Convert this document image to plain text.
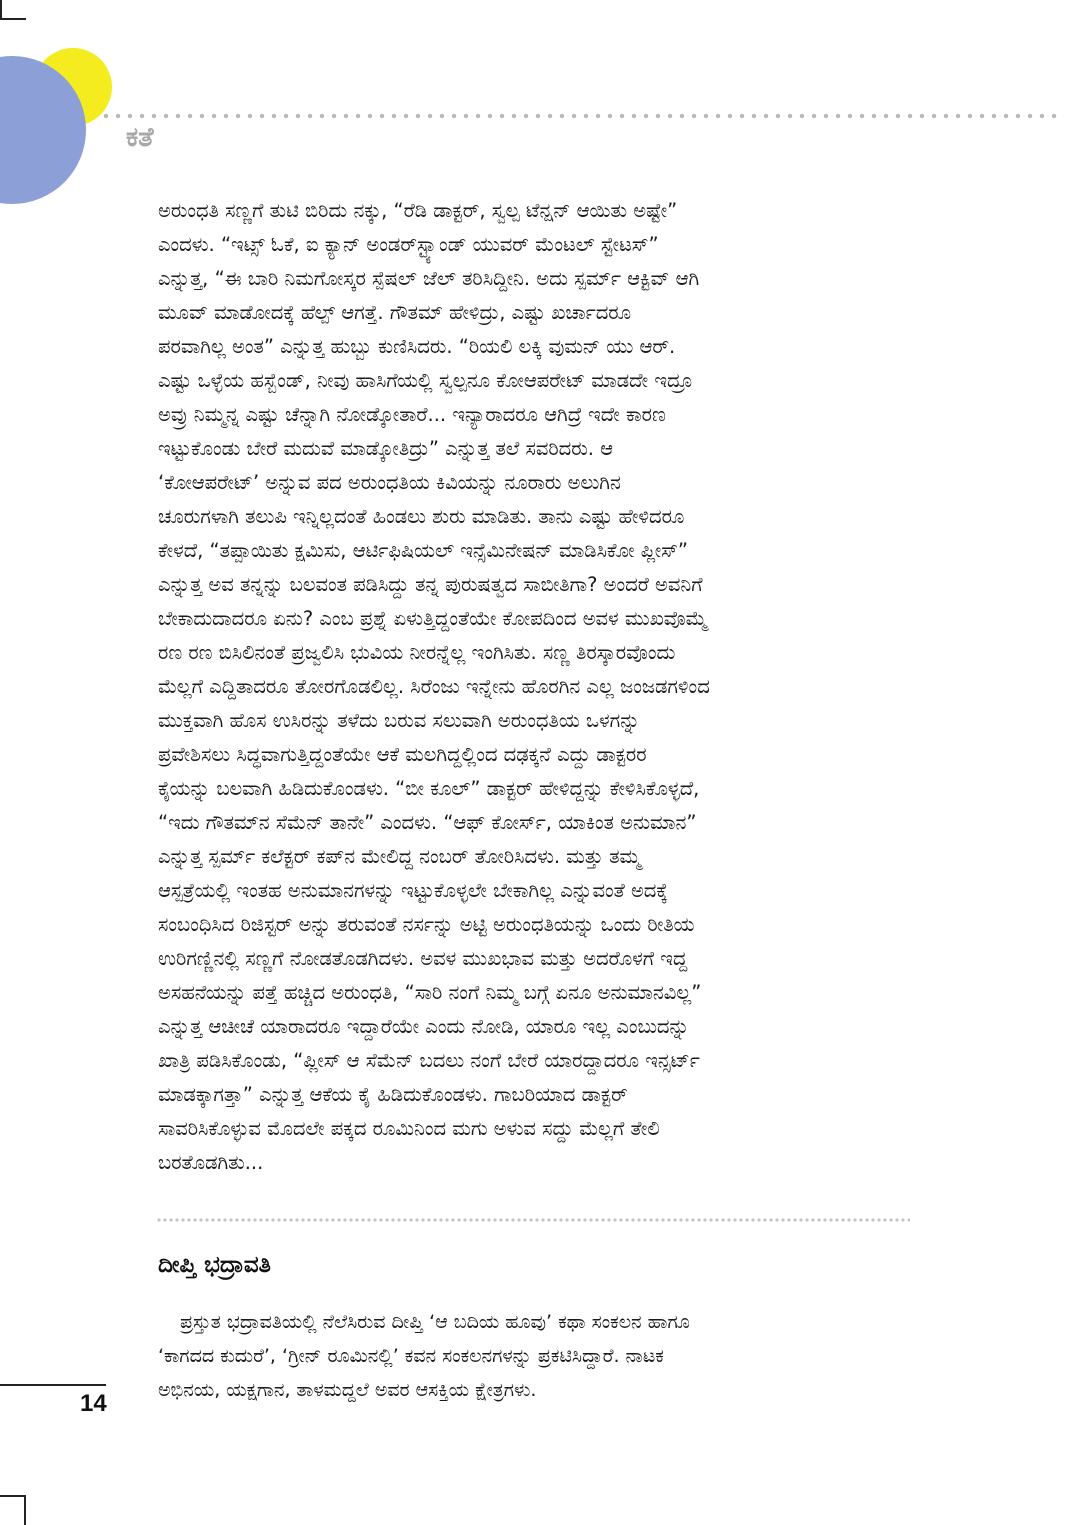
ಕತೆ

ಅರುಂಧತಿ ಸಣ್ಣಗೆ ತುಟಿ ಬಿರಿದು ನಕ್ಕು, “ರೆಡಿ ಡಾಕ್ಟರ್, ಸ್ವಲ್ಪ ಟೆನ್ಷನ್ ಆಯಿತು ಅಷ್ಟೇ”
ಎಂದಳು. “ಇಟ್ಸ್ ಓಕೆ, ಐ ಕ್ಯಾನ್ ಅಂಡರ್‌ಸ್ಟ್ಯಾಂಡ್ ಯುವರ್ ಮೆಂಟಲ್ ಸ್ಟೇಟಸ್”
ಎನ್ನುತ್ತ, “ಈ ಬಾರಿ ನಿಮಗೋಸ್ಕರ ಸ್ಪೆಷಲ್ ಜೆಲ್ ತರಿಸಿದ್ದೀನಿ. ಅದು ಸ್ಪರ್ಮ್ ಆಕ್ಟಿವ್ ಆಗಿ
ಮೂವ್ ಮಾಡೋದಕ್ಕೆ ಹೆಲ್ಪ್ ಆಗತ್ತೆ. ಗೌತಮ್ ಹೇಳಿದ್ರು, ಎಷ್ಟು ಖರ್ಚಾದರೂ
ಪರವಾಗಿಲ್ಲ ಅಂತ” ಎನ್ನುತ್ತ ಹುಬ್ಬು ಕುಣಿಸಿದರು. “ರಿಯಲಿ ಲಕ್ಕಿ ವುಮನ್ ಯು ಆರ್.
ಎಷ್ಟು ಒಳ್ಳೆಯ ಹಸ್ಬೆಂಡ್, ನೀವು ಹಾಸಿಗೆಯಲ್ಲಿ ಸ್ವಲ್ಪನೂ ಕೋಆಪರೇಟ್ ಮಾಡದೇ ಇದ್ರೂ
ಅವ್ರು ನಿಮ್ಮನ್ನ ಎಷ್ಟು ಚೆನ್ನಾಗಿ ನೋಡ್ಕೋತಾರೆ... ಇನ್ಯಾರಾದರೂ ಆಗಿದ್ರೆ ಇದೇ ಕಾರಣ
ಇಟ್ಟುಕೊಂಡು ಬೇರೆ ಮದುವೆ ಮಾಡ್ಕೋತಿದ್ರು” ಎನ್ನುತ್ತ ತಲೆ ಸವರಿದರು. ಆ
‘ಕೋಆಪರೇಟ್’ ಅನ್ನುವ ಪದ ಅರುಂಧತಿಯ ಕಿವಿಯನ್ನು ನೂರಾರು ಅಲುಗಿನ
ಚೂರುಗಳಾಗಿ ತಲುಪಿ ಇನ್ನಿಲ್ಲದಂತೆ ಹಿಂಡಲು ಶುರು ಮಾಡಿತು. ತಾನು ಎಷ್ಟು ಹೇಳಿದರೂ
ಕೇಳದೆ, “ತಪ್ಪಾಯಿತು ಕ್ಷಮಿಸು, ಆರ್ಟಿಫಿಷಿಯಲ್ ಇನ್ಸೆಮಿನೇಷನ್ ಮಾಡಿಸಿಕೋ ಪ್ಲೀಸ್”
ಎನ್ನುತ್ತ ಅವ ತನ್ನನ್ನು ಬಲವಂತ ಪಡಿಸಿದ್ದು ತನ್ನ ಪುರುಷತ್ವದ ಸಾಬೀತಿಗಾ? ಅಂದರೆ ಅವನಿಗೆ
ಬೇಕಾದುದಾದರೂ ಏನು? ಎಂಬ ಪ್ರಶ್ನೆ ಏಳುತ್ತಿದ್ದಂತೆಯೇ ಕೋಪದಿಂದ ಅವಳ ಮುಖವೊಮ್ಮೆ
ರಣ ರಣ ಬಿಸಿಲಿನಂತೆ ಪ್ರಜ್ವಲಿಸಿ ಭುವಿಯ ನೀರನ್ನೆಲ್ಲ ಇಂಗಿಸಿತು. ಸಣ್ಣ ತಿರಸ್ಕಾರವೊಂದು
ಮೆಲ್ಲಗೆ ಎದ್ದಿತಾದರೂ ತೋರಗೊಡಲಿಲ್ಲ. ಸಿರೆಂಜು ಇನ್ನೇನು ಹೊರಗಿನ ಎಲ್ಲ ಜಂಜಡಗಳಿಂದ
ಮುಕ್ತವಾಗಿ ಹೊಸ ಉಸಿರನ್ನು ತಳೆದು ಬರುವ ಸಲುವಾಗಿ ಅರುಂಧತಿಯ ಒಳಗನ್ನು
ಪ್ರವೇಶಿಸಲು ಸಿದ್ಧವಾಗುತ್ತಿದ್ದಂತೆಯೇ ಆಕೆ ಮಲಗಿದ್ದಲ್ಲಿಂದ ದಢಕ್ಕನೆ ಎದ್ದು ಡಾಕ್ಟರರ
ಕೈಯನ್ನು ಬಲವಾಗಿ ಹಿಡಿದುಕೊಂಡಳು. “ಬೀ ಕೂಲ್” ಡಾಕ್ಟರ್ ಹೇಳಿದ್ದನ್ನು ಕೇಳಿಸಿಕೊಳ್ಳದೆ,
“ಇದು ಗೌತಮ್‌ನ ಸೆಮೆನ್ ತಾನೇ” ಎಂದಳು. “ಆಫ್ ಕೋರ್ಸ್, ಯಾಕಿಂತ ಅನುಮಾನ”
ಎನ್ನುತ್ತ ಸ್ಪರ್ಮ್ ಕಲೆಕ್ಟರ್ ಕಪ್‌ನ ಮೇಲಿದ್ದ ನಂಬರ್ ತೋರಿಸಿದಳು. ಮತ್ತು ತಮ್ಮ
ಆಸ್ಪತ್ರೆಯಲ್ಲಿ ಇಂತಹ ಅನುಮಾನಗಳನ್ನು ಇಟ್ಟುಕೊಳ್ಳಲೇ ಬೇಕಾಗಿಲ್ಲ ಎನ್ನುವಂತೆ ಅದಕ್ಕೆ
ಸಂಬಂಧಿಸಿದ ರಿಜಿಸ್ಟರ್ ಅನ್ನು ತರುವಂತೆ ನರ್ಸನ್ನು ಅಟ್ಟಿ ಅರುಂಧತಿಯನ್ನು ಒಂದು ರೀತಿಯ
ಉರಿಗಣ್ಣಿನಲ್ಲಿ ಸಣ್ಣಗೆ ನೋಡತೊಡಗಿದಳು. ಅವಳ ಮುಖಭಾವ ಮತ್ತು ಅದರೊಳಗೆ ಇದ್ದ
ಅಸಹನೆಯನ್ನು ಪತ್ತೆ ಹಚ್ಚಿದ ಅರುಂಧತಿ, “ಸಾರಿ ನಂಗೆ ನಿಮ್ಮ ಬಗ್ಗೆ ಏನೂ ಅನುಮಾನವಿಲ್ಲ”
ಎನ್ನುತ್ತ ಆಚೀಚೆ ಯಾರಾದರೂ ಇದ್ದಾರೆಯೇ ಎಂದು ನೋಡಿ, ಯಾರೂ ಇಲ್ಲ ಎಂಬುದನ್ನು
ಖಾತ್ರಿ ಪಡಿಸಿಕೊಂಡು, “ಪ್ಲೀಸ್ ಆ ಸೆಮೆನ್ ಬದಲು ನಂಗೆ ಬೇರೆ ಯಾರದ್ದಾದರೂ ಇನ್ಸರ್ಟ್
ಮಾಡಕ್ಕಾಗತ್ತಾ” ಎನ್ನುತ್ತ ಆಕೆಯ ಕೈ ಹಿಡಿದುಕೊಂಡಳು. ಗಾಬರಿಯಾದ ಡಾಕ್ಟರ್
ಸಾವರಿಸಿಕೊಳ್ಳುವ ಮೊದಲೇ ಪಕ್ಕದ ರೂಮಿನಿಂದ ಮಗು ಅಳುವ ಸದ್ದು ಮೆಲ್ಲಗೆ ತೇಲಿ
ಬರತೊಡಗಿತು...

ದೀಪ್ತಿ ಭದ್ರಾವತಿ

ಪ್ರಸ್ತುತ ಭದ್ರಾವತಿಯಲ್ಲಿ ನೆಲೆಸಿರುವ ದೀಪ್ತಿ ‘ಆ ಬದಿಯ ಹೂವು’ ಕಥಾ ಸಂಕಲನ ಹಾಗೂ
‘ಕಾಗದದ ಕುದುರೆ’, ‘ಗ್ರೀನ್ ರೂಮಿನಲ್ಲಿ’ ಕವನ ಸಂಕಲನಗಳನ್ನು ಪ್ರಕಟಿಸಿದ್ದಾರೆ. ನಾಟಕ
ಅಭಿನಯ, ಯಕ್ಷಗಾನ, ತಾಳಮದ್ದಲೆ ಅವರ ಆಸಕ್ತಿಯ ಕ್ಷೇತ್ರಗಳು.

14
